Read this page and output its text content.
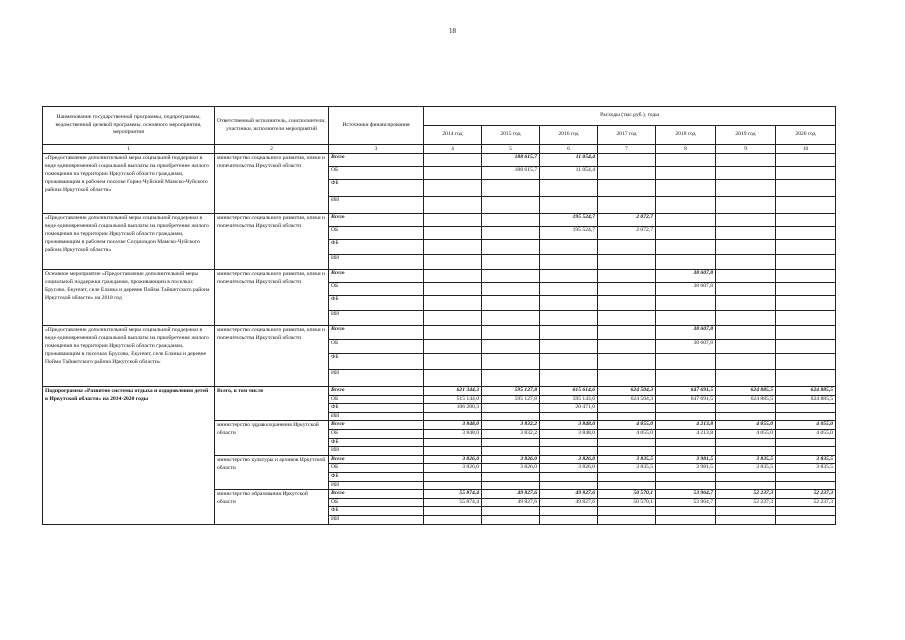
18
Наименование государственной программы, подпрограммы, ведомственной целевой программы, основного мероприятия, мероприятия	Ответственный исполнитель, соисполнители, участники, исполнители мероприятий	Источники финансирования	Расходы (тыс.руб.), годы						
			2014 год	2015 год	2016 год	2017 год	2018 год	2019 год	2020 год
1	2	3	4	5	6	7	8	9	10
«Предоставление дополнительной меры социальной поддержки в виде единовременной социальной выплаты на приобретение жилого помещения на территории Иркутской области гражданам, проживающим в рабочем поселке Горно-Чуйский Мамско-Чуйского района Иркутской области»	министерство социального развития, опеки и попечительства Иркутской области	Всего		188 615,7	11 054,4				
		ОБ		188 615,7	11 054,4				
		ФБ							
		ИИ							
«Предоставление дополнительной меры социальной поддержки в виде единовременной социальной выплаты на приобретение жилого помещения на территории Иркутской области гражданам, проживающим в рабочем поселке Согдиондон Мамско-Чуйского района Иркутской области»	министерство социального развития, опеки и попечительства Иркутской области	Всего			195 524,7	2 072,7			
		ОБ			195 524,7	2 072,7			
		ФБ							
		ИИ							
Основное мероприятие «Предоставление дополнительной меры социальной поддержки гражданам, проживающим в поселках Брусово, Екунчет, селе Еланка и деревне Пойма Тайшетского района Иркутской области» на 2018 год	министерство социального развития, опеки и попечительства Иркутской области	Всего					38 607,8		
		ОБ					38 607,8		
		ФБ							
		ИИ							
«Предоставление дополнительной меры социальной поддержки в виде единовременной социальной выплаты на приобретение жилого помещения на территории Иркутской области гражданам, проживающим в поселках Брусово, Екунчет, селе Еланка и деревне Пойма Тайшетского района Иркутской области»	министерство социального развития, опеки и попечительства Иркутской области	Всего					38 607,8		
		ОБ					38 607,8		
		ФБ							
		ИИ							
Подпрограмма «Развитие системы отдыха и оздоровления детей в Иркутской области» на 2014-2020 годы	Всего, в том числе	Всего	621 344,3	595 127,8	615 614,6	624 504,3	647 691,5	624 885,5	624 885,5
		ОБ	515 144,0	595 127,8	595 143,6	624 504,3	647 691,5	624 885,5	624 885,5
		ФБ	106 200,3		20 471,0				
		ИИ							
	министерство здравоохранения Иркутской области	Всего	3 848,0	3 832,2	3 848,0	4 055,0	4 213,8	4 055,0	4 055,0
		ОБ	3 848,0	3 832,2	3 848,0	4 055,0	4 213,8	4 055,0	4 055,0
		ФБ							
		ИИ							
	министерство культуры и архивов Иркутской области	Всего	3 826,0	3 826,0	3 826,0	3 835,5	3 981,5	3 835,5	3 835,5
		ОБ	3 826,0	3 826,0	3 826,0	3 835,5	3 981,5	3 835,5	3 835,5
		ФБ							
		ИИ							
	министерство образования Иркутской области	Всего	55 874,4	49 827,6	49 827,6	50 570,1	53 964,7	52 237,3	52 237,3
		ОБ	55 874,4	49 827,6	49 827,6	50 570,1	53 964,7	52 237,3	52 237,3
		ФБ							
		ИИ							
